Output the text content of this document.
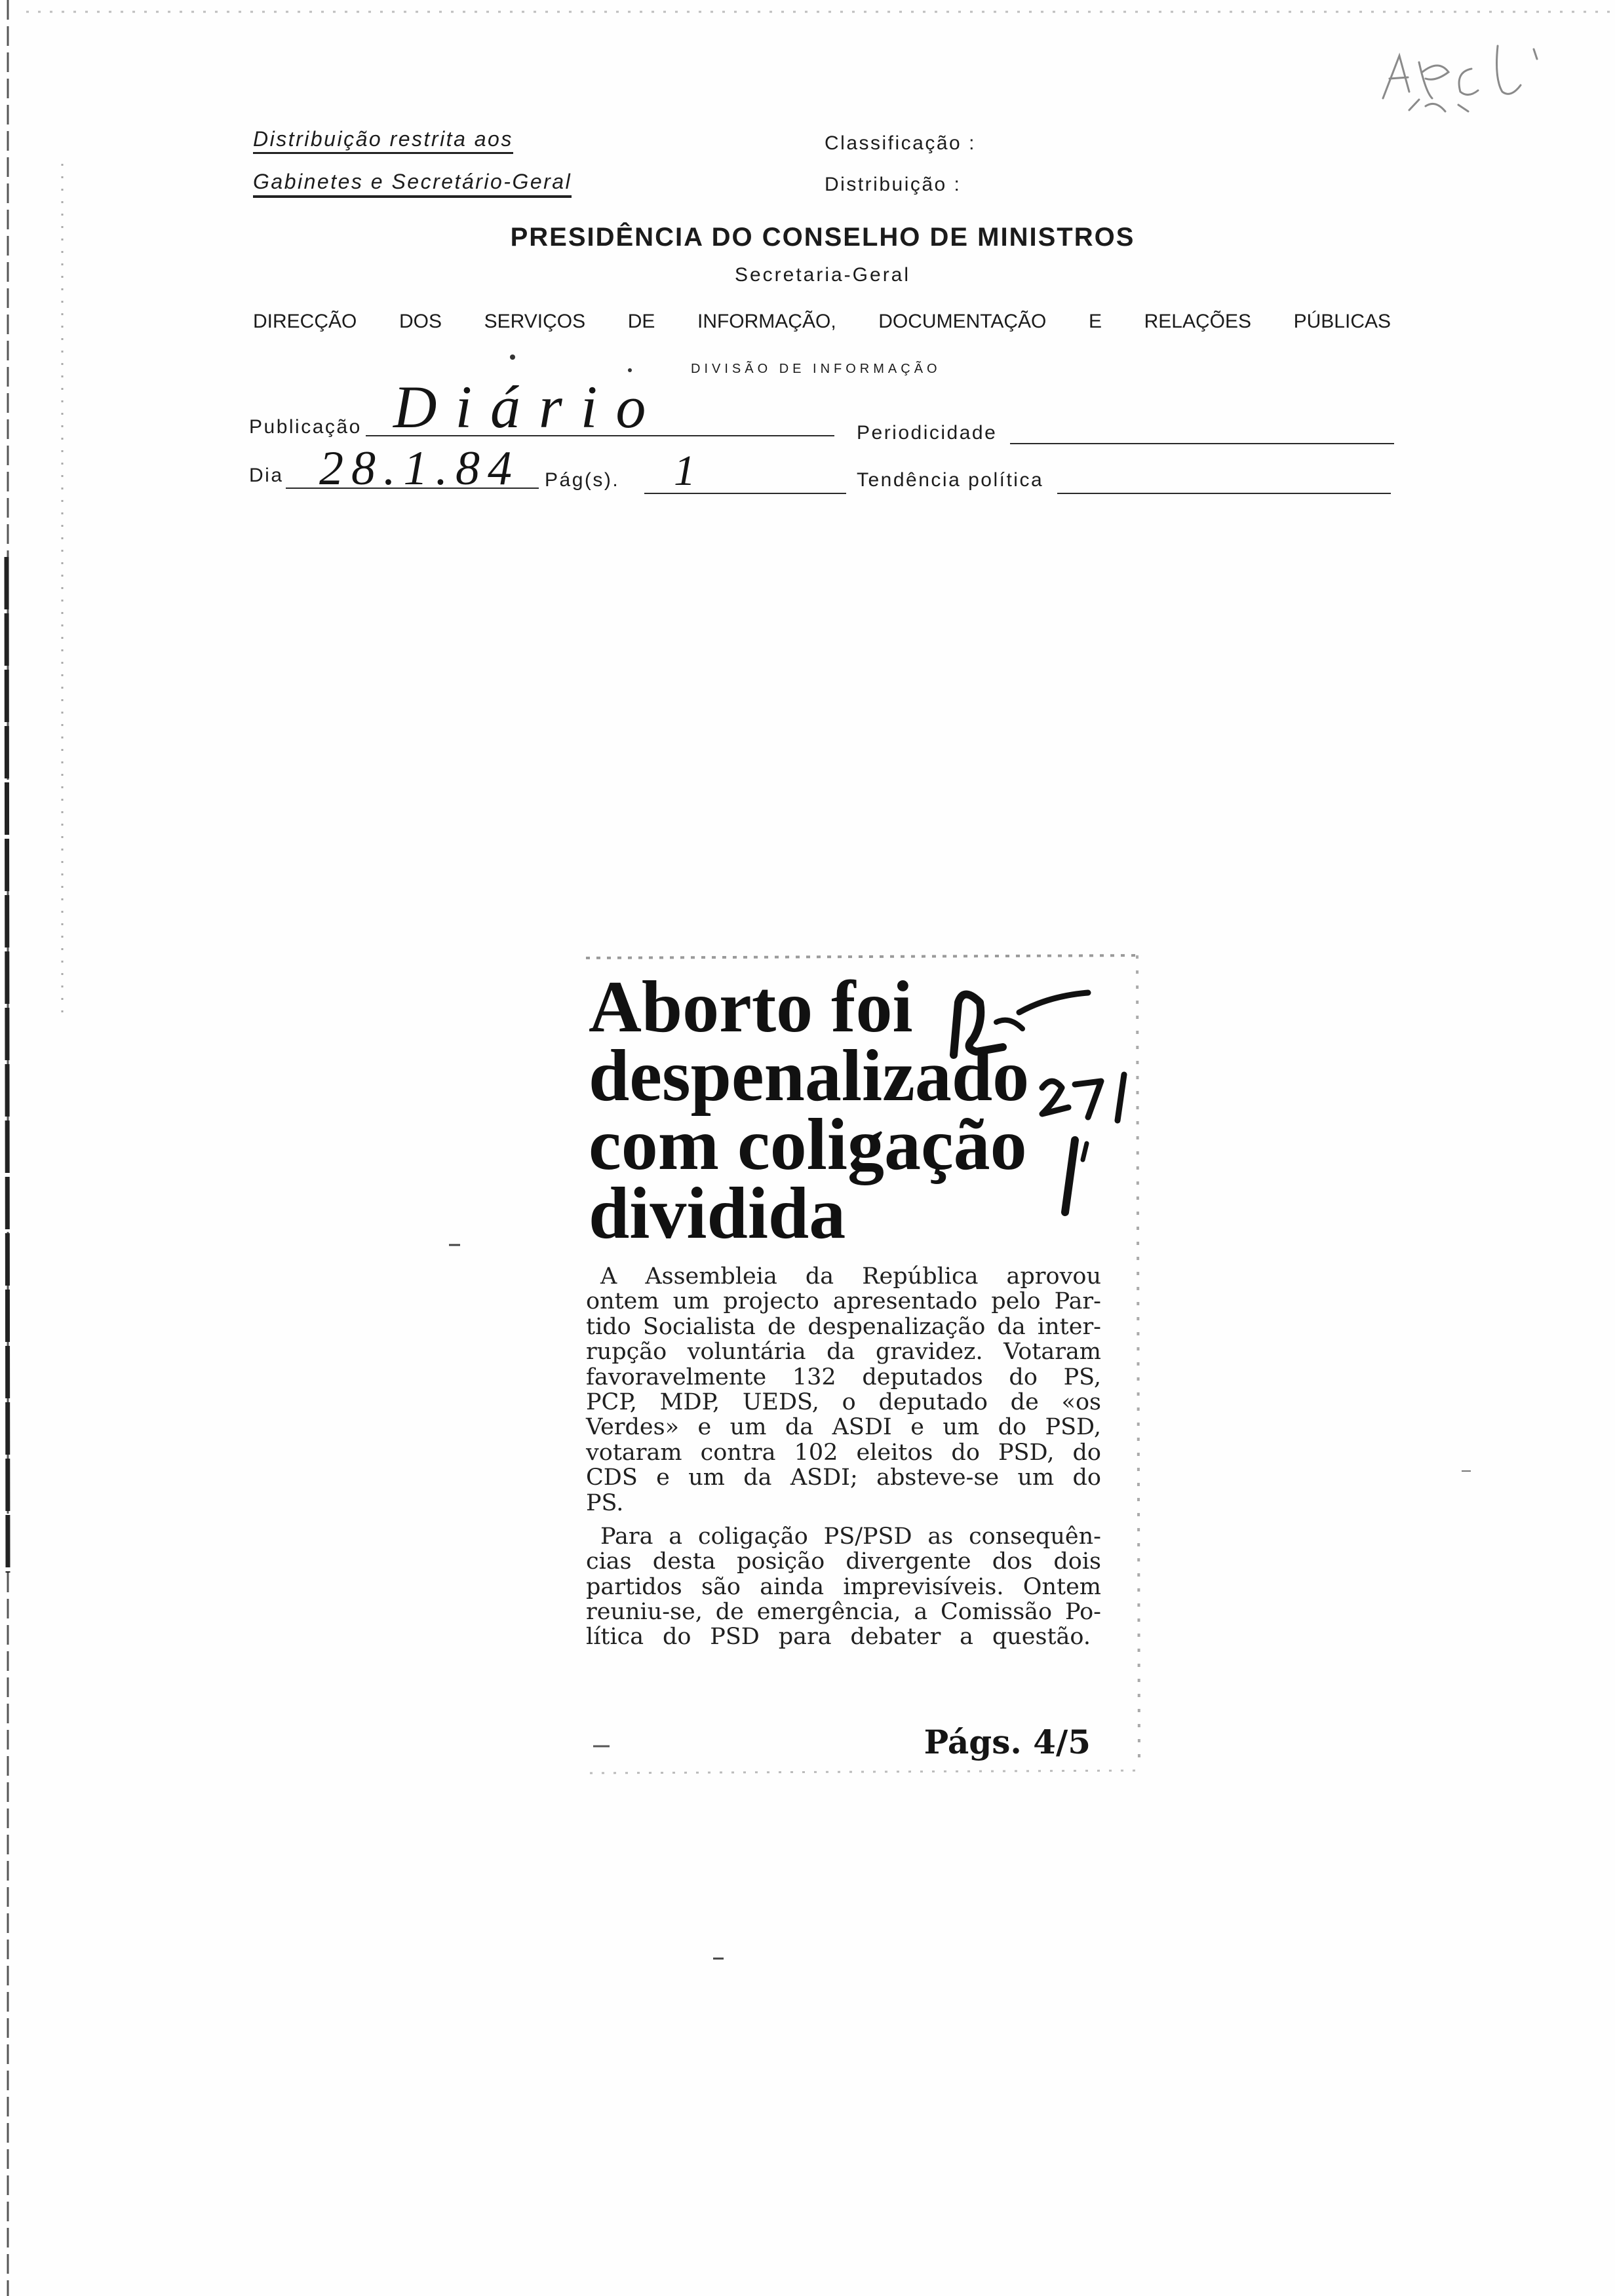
Distribuição restrita aos
Gabinetes e Secretário-Geral
Classificação :
Distribuição :
PRESIDÊNCIA DO CONSELHO DE MINISTROS
Secretaria-Geral
DIRECÇÃO DOS SERVIÇOS DE INFORMAÇÃO, DOCUMENTAÇÃO E RELAÇÕES PÚBLICAS
DIVISÃO DE INFORMAÇÃO
Publicação Diário	Periodicidade
Dia 28.1.84 Pág(s). 1	Tendência política
Aborto foi
despenalizado
com coligação
dividida
A Assembleia da República aprovou
ontem um projecto apresentado pelo Par-
tido Socialista de despenalização da inter-
rupção voluntária da gravidez. Votaram
favoravelmente 132 deputados do PS,
PCP, MDP, UEDS, o deputado de «os
Verdes» e um da ASDI e um do PSD,
votaram contra 102 eleitos do PSD, do
CDS e um da ASDI; absteve-se um do
PS.
Para a coligação PS/PSD as consequên-
cias desta posição divergente dos dois
partidos são ainda imprevisíveis. Ontem
reuniu-se, de emergência, a Comissão Po-
lítica do PSD para debater a questão.
Págs. 4/5
